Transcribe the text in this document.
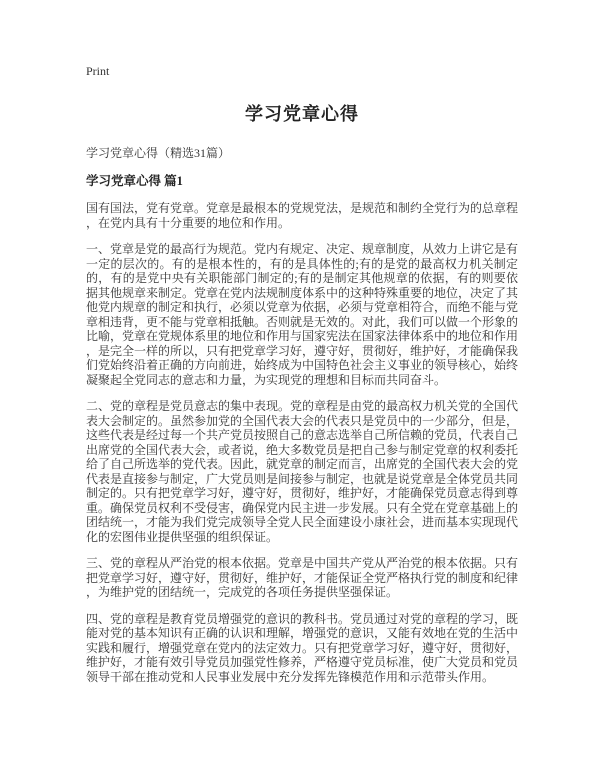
Print
学习党章心得
学习党章心得（精选31篇）
学习党章心得 篇1

国有国法，党有党章。党章是最根本的党规党法，是规范和制约全党行为的总章程，在党内具有十分重要的地位和作用。

一、党章是党的最高行为规范。党内有规定、决定、规章制度，从效力上讲它是有一定的层次的。有的是根本性的，有的是具体性的;有的是党的最高权力机关制定的，有的是党中央有关职能部门制定的;有的是制定其他规章的依据，有的则要依据其他规章来制定。党章在党内法规制度体系中的这种特殊重要的地位，决定了其他党内规章的制定和执行，必须以党章为依据，必须与党章相符合，而绝不能与党章相违背，更不能与党章相抵触。否则就是无效的。对此，我们可以做一个形象的比喻，党章在党规体系里的地位和作用与国家宪法在国家法律体系中的地位和作用，是完全一样的所以，只有把党章学习好，遵守好，贯彻好，维护好，才能确保我们党始终沿着正确的方向前进，始终成为中国特色社会主义事业的领导核心，始终凝聚起全党同志的意志和力量，为实现党的理想和目标而共同奋斗。

二、党的章程是党员意志的集中表现。党的章程是由党的最高权力机关党的全国代表大会制定的。虽然参加党的全国代表大会的代表只是党员中的一少部分，但是，这些代表是经过每一个共产党员按照自己的意志选举自己所信赖的党员，代表自己出席党的全国代表大会，或者说，绝大多数党员是把自己参与制定党章的权利委托给了自己所选举的党代表。因此，就党章的制定而言，出席党的全国代表大会的党代表是直接参与制定，广大党员则是间接参与制定，也就是说党章是全体党员共同制定的。只有把党章学习好，遵守好，贯彻好，维护好，才能确保党员意志得到尊重。确保党员权利不受侵害，确保党内民主进一步发展。只有全党在党章基础上的团结统一，才能为我们党完成领导全党人民全面建设小康社会，进而基本实现现代化的宏图伟业提供坚强的组织保证。

三、党的章程从严治党的根本依据。党章是中国共产党从严治党的根本依据。只有把党章学习好，遵守好，贯彻好，维护好，才能保证全党严格执行党的制度和纪律，为维护党的团结统一，完成党的各项任务提供坚强保证。

四、党的章程是教育党员增强党的意识的教科书。党员通过对党的章程的学习，既能对党的基本知识有正确的认识和理解，增强党的意识，又能有效地在党的生活中实践和履行，增强党章在党内的法定效力。只有把党章学习好，遵守好，贯彻好，维护好，才能有效引导党员加强党性修养，严格遵守党员标准，使广大党员和党员领导干部在推动党和人民事业发展中充分发挥先锋模范作用和示范带头作用。
